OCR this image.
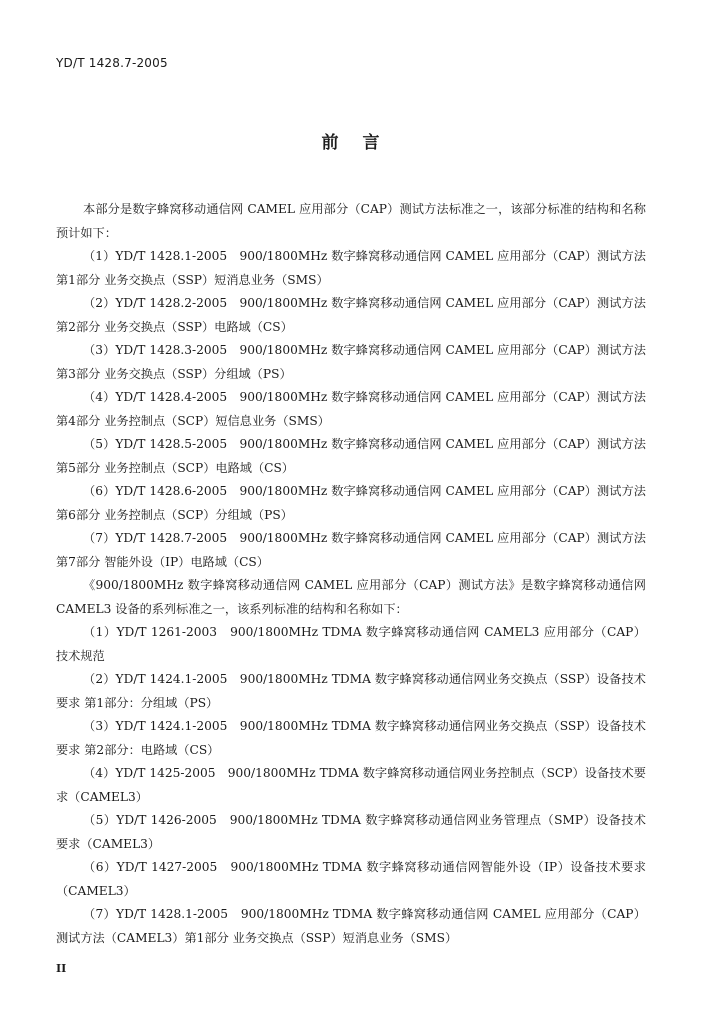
YD/T 1428.7-2005
前言

本部分是数字蜂窝移动通信网 CAMEL 应用部分（CAP）测试方法标准之一，该部分标准的结构和名称预计如下：

（1）YD/T 1428.1-2005　900/1800MHz 数字蜂窝移动通信网 CAMEL 应用部分（CAP）测试方法 第1部分 业务交换点（SSP）短消息业务（SMS）

（2）YD/T 1428.2-2005　900/1800MHz 数字蜂窝移动通信网 CAMEL 应用部分（CAP）测试方法 第2部分 业务交换点（SSP）电路域（CS）

（3）YD/T 1428.3-2005　900/1800MHz 数字蜂窝移动通信网 CAMEL 应用部分（CAP）测试方法 第3部分 业务交换点（SSP）分组域（PS）

（4）YD/T 1428.4-2005　900/1800MHz 数字蜂窝移动通信网 CAMEL 应用部分（CAP）测试方法 第4部分 业务控制点（SCP）短信息业务（SMS）

（5）YD/T 1428.5-2005　900/1800MHz 数字蜂窝移动通信网 CAMEL 应用部分（CAP）测试方法 第5部分 业务控制点（SCP）电路域（CS）

（6）YD/T 1428.6-2005　900/1800MHz 数字蜂窝移动通信网 CAMEL 应用部分（CAP）测试方法 第6部分 业务控制点（SCP）分组域（PS）

（7）YD/T 1428.7-2005　900/1800MHz 数字蜂窝移动通信网 CAMEL 应用部分（CAP）测试方法 第7部分 智能外设（IP）电路域（CS）

《900/1800MHz 数字蜂窝移动通信网 CAMEL 应用部分（CAP）测试方法》是数字蜂窝移动通信网 CAMEL3 设备的系列标准之一，该系列标准的结构和名称如下：

（1）YD/T 1261-2003　900/1800MHz TDMA 数字蜂窝移动通信网 CAMEL3 应用部分（CAP）技术规范

（2）YD/T 1424.1-2005　900/1800MHz TDMA 数字蜂窝移动通信网业务交换点（SSP）设备技术要求 第1部分：分组域（PS）

（3）YD/T 1424.1-2005　900/1800MHz TDMA 数字蜂窝移动通信网业务交换点（SSP）设备技术要求 第2部分：电路域（CS）

（4）YD/T 1425-2005　900/1800MHz TDMA 数字蜂窝移动通信网业务控制点（SCP）设备技术要求（CAMEL3）

（5）YD/T 1426-2005　900/1800MHz TDMA 数字蜂窝移动通信网业务管理点（SMP）设备技术要求（CAMEL3）

（6）YD/T 1427-2005　900/1800MHz TDMA 数字蜂窝移动通信网智能外设（IP）设备技术要求（CAMEL3）

（7）YD/T 1428.1-2005　900/1800MHz TDMA 数字蜂窝移动通信网 CAMEL 应用部分（CAP）测试方法（CAMEL3）第1部分 业务交换点（SSP）短消息业务（SMS）

II
